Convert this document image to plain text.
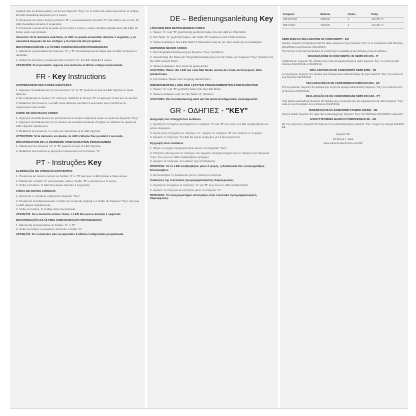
original que se desea quitar y el de los Superior "Key" en el índice de cada memorizar el código. El LED destellará despacio por 2 veces.

5. Presionar al mismo tiempo el botón "B" y sucesivamente el botón "D" del mismo de un tiro. El LED destellará durante 3 segundos.

6. Presionar nuevamente la tecla con la tecla 2 veces y soltar cambiar rápidamente del LED. El botón está memorizado.

Atención: Si la memoria está llena, el LED se queda encendido durante 1 segundo, y se cancelará después de los códigos y la memoria del programa.

RECUPERACIÓN DE LA ÚLTIMA CONFIGURACIÓN PROGRAMADA

1. Mantener presionados los botones "A" y "B" simultáneamente hasta que el LED comience a destellar.

2. Soltar los botones y presionar sólo el botón "A". El LED destella 3 veces.

ATENCIÓN: Si el producto regresa a la memoria el último código memorizado.

FR - Key Instructions

SUPPRESSION DES CODES EXISTANTS

1. Appuyez simultanément sur les boutons "A" et "B" jusqu'à ce que la LED clignote et reste allumée.

2. En maintenant le bouton "A" enfoncé, relâchez le bouton "B" et appuyez 3 fois sur ce dernier.

3. Relâchez les boutons. La LED reste allumée pendant 3 secondes pour confirmer la suppression des codes.

COPIE DE NOUVEAUX CODES

1. Appuyez simultanément en permanence le bouton original à copier et celui de Superior "Key".

2. Appuyez simultanément sur le bouton de la télécommande d'origine et relâchez-le quand la LED clignote rapidement.

3. Relâchez les boutons. Le code est mémorisé et la LED clignote.

ATTENTION: Si la mémoire est pleine, la LED s'allume fixe pendant 1 seconde.

RÉCUPÉRATION DE LA DERNIÈRE CONFIGURATION PROGRAMMÉE

1. Maintenez les boutons "A" et "B" jusqu'à ce que la LED clignote.

2. Relâchez les boutons et appuyez uniquement sur le bouton "A".

PT - Instruções Key

ELIMINAÇÃO DE CÓDIGOS EXISTENTES

1. Pressione ao mesmo tempo os botões "A" e "B" até que o LED pisque e fique aceso.

2. Mantendo o botão "A" pressionado, solte o botão "B" e pressione-o 3 vezes.

3. Solte os botões. O LED fica aceso durante 3 segundos.

CÓPIA DE NOVOS CÓDIGOS

1. Aproxime o comando original do Superior "Key".

2. Pressione simultaneamente o botão do comando original e o botão do Superior "Key" até que o LED pisque rapidamente.

3. Solte os botões. O código está memorizado.

ATENÇÃO: Se a memória estiver cheia, o LED fica aceso durante 1 segundo.

RECUPERAÇÃO DA ÚLTIMA CONFIGURAÇÃO PROGRAMADA

1. Mantenha pressionados os botões "A" e "B".

2. Solte os botões e pressione somente o botão "A".

ATENÇÃO: Os comandos são recuperados à última configuração programada.

DE – Bedienungsanleitung Key

LÖSCHEN DER BESTEHENDEN CODES

1. Tasten "A" und "B" gleichzeitig gedrückt halten bis die LED ein Mal blinkt.

2. Die Taste "A" gedrückt halten, die Taste "B" loslassen und 3 Mal drücken.

3. Tasten loslassen. Die LED bleibt 3 Sekunden lang an um die Löschung zu bestätigen.

KOPIEREN NEUER CODES

1. Die Originalfernbedienung an Superior "Key" annähern.

2. Gleichzeitig die Taste der Originalfernbedienung und die Taste von Superior "Key" drücken bis die LED schnell blinkt.

3. Tasten loslassen. Der Code ist gespeichert.

ACHTUNG: Wenn der LED nur zwei Mal blinkt, wurde der Code nicht kopiert; bitte wiederholen.

4. Für weitere Tasten den Vorgang wiederholen.

WIEDERHERSTELLUNG DER LETZTEN PROGRAMMIERTEN KONFIGURATION

1. Tasten "A" und "B" gedrückt halten bis die LED blinkt.

2. Tasten loslassen und nur die Taste "A" drücken.

ACHTUNG: Die Fernbedienung wird auf die letzte Konfiguration zurückgesetzt.

GR - ΟΔΗΓΙΕΣ - "KEY"

Διαγραφή των υπαρχόντων κωδικών

1. Κρατήστε πατημένα ταυτόχρονα τα πλήκτρα "A" και "B" έως ότου το LED αναβοσβήσει και μείνει αναμμένο.

2. Κρατώντας πατημένο το πλήκτρο "A", αφήστε το πλήκτρο "B" και πατήστε το 3 φορές.

3. Αφήστε τα πλήκτρα. Το LED θα μείνει αναμμένο για 3 δευτερόλεπτα.

Εγγραφή νέων κωδικών

1. Φέρτε το αρχικό τηλεχειριστήριο κοντά στο Superior "Key".

2. Πατήστε ταυτόχρονα το πλήκτρο του αρχικού τηλεχειριστηρίου και το πλήκτρο του Superior "Key" έως ότου το LED αναβοσβήσει γρήγορα.

3. Αφήστε τα πλήκτρα. Ο κωδικός έχει αποθηκευτεί.

ΠΡΟΣΟΧΗ: Αν το LED αναβοσβήσει μόνο 2 φορές, η διαδικασία δεν ολοκληρώθηκε. Επαναλάβετε.

4. Επαναλάβετε τη διαδικασία για τα υπόλοιπα πλήκτρα.

Ανάκτηση της τελευταίας προγραμματισμένης διαμόρφωσης

1. Κρατήστε πατημένα τα πλήκτρα "A" και "B" έως ότου το LED αναβοσβήσει.

2. Αφήστε τα πλήκτρα και πατήστε μόνο το πλήκτρο "A".

ΠΡΟΣΟΧΗ: Το τηλεχειριστήριο επιστρέφει στην τελευταία προγραμματισμένη διαμόρφωση.

Frequenz	Batterie	Codes	Temp.
433,92 MHz	CR2032	4	-10/+55 °C
868,3 MHz	CR2032	4	-10/+55 °C

SIMPLIFIED EU DECLARATION OF CONFORMITY - EN

Hereby, Superior Srl declares that the radio equipment type Superior "Key" is in compliance with Directive 2014/53/EU and Directive 2011/65/EU.

The full text of the EU declaration of conformity is available at the following internet address.

DICHIARAZIONE DI CONFORMITÀ UE SEMPLIFICATA - IT

Il fabbricante, Superior Srl, dichiara che il tipo di apparecchiatura radio Superior "Key" è conforme alla direttiva 2014/53/UE e 2011/65/UE.

DÉCLARATION UE DE CONFORMITÉ SIMPLIFIÉE - FR

Le soussigné, Superior Srl, déclare que l'équipement radioélectrique du type Superior "Key" est conforme à la directive 2014/53/UE.

DECLARACIÓN UE DE CONFORMIDAD SIMPLIFICADA - ES

Por la presente, Superior Srl declara que el tipo de equipo radioeléctrico Superior "Key" es conforme con la Directiva 2014/53/UE.

DECLARAÇÃO UE DE CONFORMIDADE SIMPLIFICADA - PT

O(a) abaixo assinado(a) Superior Srl declara que o presente tipo de equipamento de rádio Superior "Key" está em conformidade com a Diretiva 2014/53/UE.

VEREINFACHTE EU-KONFORMITÄTSERKLÄRUNG - DE

Hiermit erklärt Superior Srl, dass der Funkanlagentyp Superior "Key" der Richtlinie 2014/53/EU entspricht.

ΑΠΛΟΥΣΤΕΥΜΕΝΗ ΔΗΛΩΣΗ ΣΥΜΜΟΡΦΩΣΗΣ ΕΕ - GR

Με την παρούσα η Superior Srl δηλώνει ότι ο ραδιοεξοπλισμός Superior "Key" πληροί την οδηγία 2014/53/ΕΕ.

Superior Srl

Via Roma 1, Italia

www.superior-electronics.com/CE
